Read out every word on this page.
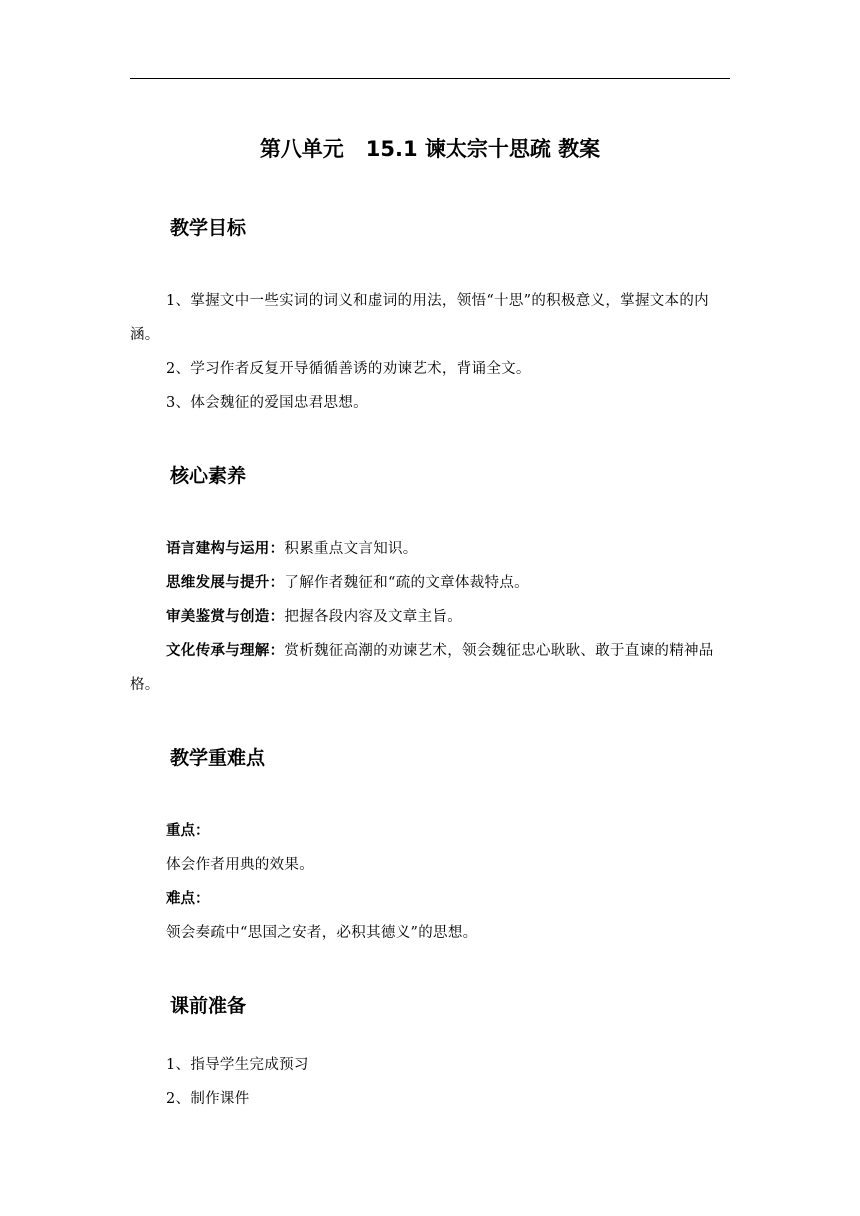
第八单元   15.1 谏太宗十思疏 教案
教学目标
1、掌握文中一些实词的词义和虚词的用法，领悟“十思”的积极意义，掌握文本的内涵。
2、学习作者反复开导循循善诱的劝谏艺术，背诵全文。
3、体会魏征的爱国忠君思想。
核心素养
语言建构与运用：积累重点文言知识。
思维发展与提升：了解作者魏征和“疏的文章体裁特点。
审美鉴赏与创造：把握各段内容及文章主旨。
文化传承与理解：赏析魏征高潮的劝谏艺术，领会魏征忠心耿耿、敢于直谏的精神品格。
教学重难点
重点：
体会作者用典的效果。
难点：
领会奏疏中“思国之安者，必积其德义”的思想。
课前准备
1、指导学生完成预习
2、制作课件
